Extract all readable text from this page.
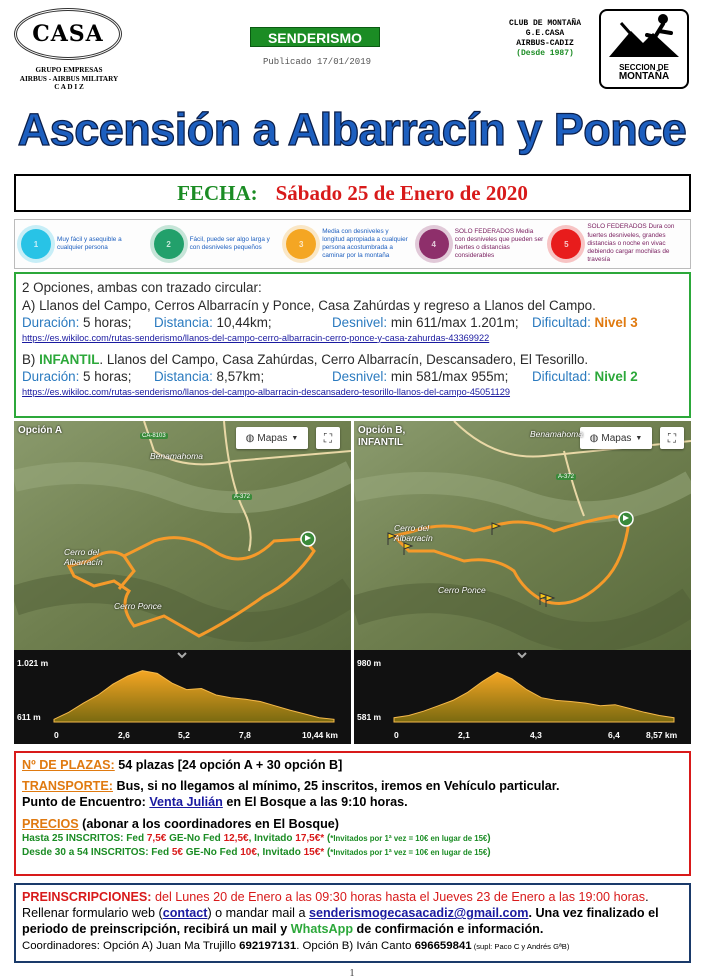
CASA
GRUPO EMPRESAS
AIRBUS - AIRBUS MILITARY
C A D I Z
SENDERISMO
Publicado 17/01/2019
CLUB DE MONTAÑA
G.E.CASA
AIRBUS-CADIZ
(Desde 1987)
SECCION DE
MONTAÑA
Ascensión a Albarracín y Ponce
FECHA: Sábado 25 de Enero de 2020
1
Muy fácil y asequible a cualquier persona	2
Fácil, puede ser algo larga y con desniveles pequeños	3
Media con desniveles y longitud apropiada a cualquier persona acostumbrada a caminar por la montaña
4
SOLO FEDERADOS Media con desniveles que pueden ser fuertes o distancias considerables
5
SOLO FEDERADOS Dura con fuertes desniveles, grandes distancias o noche en vivac debiendo cargar mochilas de travesía
2 Opciones, ambas con trazado circular:
A) Llanos del Campo, Cerros Albarracín y Ponce, Casa Zahúrdas y regreso a Llanos del Campo.
Duración: 5 horas;	Distancia: 10,44km;	Desnivel: min 611/max 1.201m;	Dificultad: Nivel 3
https://es.wikiloc.com/rutas-senderismo/llanos-del-campo-cerro-albarracin-cerro-ponce-y-casa-zahurdas-43369922
B) INFANTIL. Llanos del Campo, Casa Zahúrdas, Cerro Albarracín, Descansadero, El Tesorillo.
Duración: 5 horas;	Distancia: 8,57km;	Desnivel: min 581/max 955m;	Dificultad: Nivel 2
https://es.wikiloc.com/rutas-senderismo/llanos-del-campo-albarracin-descansadero-tesorillo-llanos-del-campo-45051129
Opción A
◍ Mapas ▼	⛶
CA-8103
A-372
Benamahoma
Cerro del Albarracín
Cerro Ponce
1.021 m
611 m
0	2,6	5,2	7,8	10,44 km
Opción B,
INFANTIL	◍ Mapas ▼	⛶
A-372
Benamahoma
Cerro del Albarracín
Cerro Ponce
980 m
581 m
0	2,1	4,3	6,4	8,57 km
Nº DE PLAZAS: 54 plazas [24 opción A + 30 opción B]
TRANSPORTE: Bus, si no llegamos al mínimo, 25 inscritos, iremos en Vehículo particular.
Punto de Encuentro: Venta Julián en El Bosque a las 9:10 horas.
PRECIOS (abonar a los coordinadores en El Bosque)
Hasta 25 INSCRITOS: Fed 7,5€ GE-No Fed 12,5€, Invitado 17,5€* (*Invitados por 1ª vez = 10€ en lugar de 15€)
Desde 30 a 54 INSCRITOS: Fed 5€ GE-No Fed 10€, Invitado 15€* (*Invitados por 1ª vez = 10€ en lugar de 15€)
PREINSCRIPCIONES: del Lunes 20 de Enero a las 09:30 horas hasta el Jueves 23 de Enero a las 19:00 horas. Rellenar formulario web (contact) o mandar mail a senderismogecasacadiz@gmail.com. Una vez finalizado el periodo de preinscripción, recibirá un mail y WhatsApp de confirmación e información.
Coordinadores: Opción A) Juan Ma Trujillo 692197131. Opción B) Iván Canto 696659841 (supl: Paco C y Andrés GªB)
1
